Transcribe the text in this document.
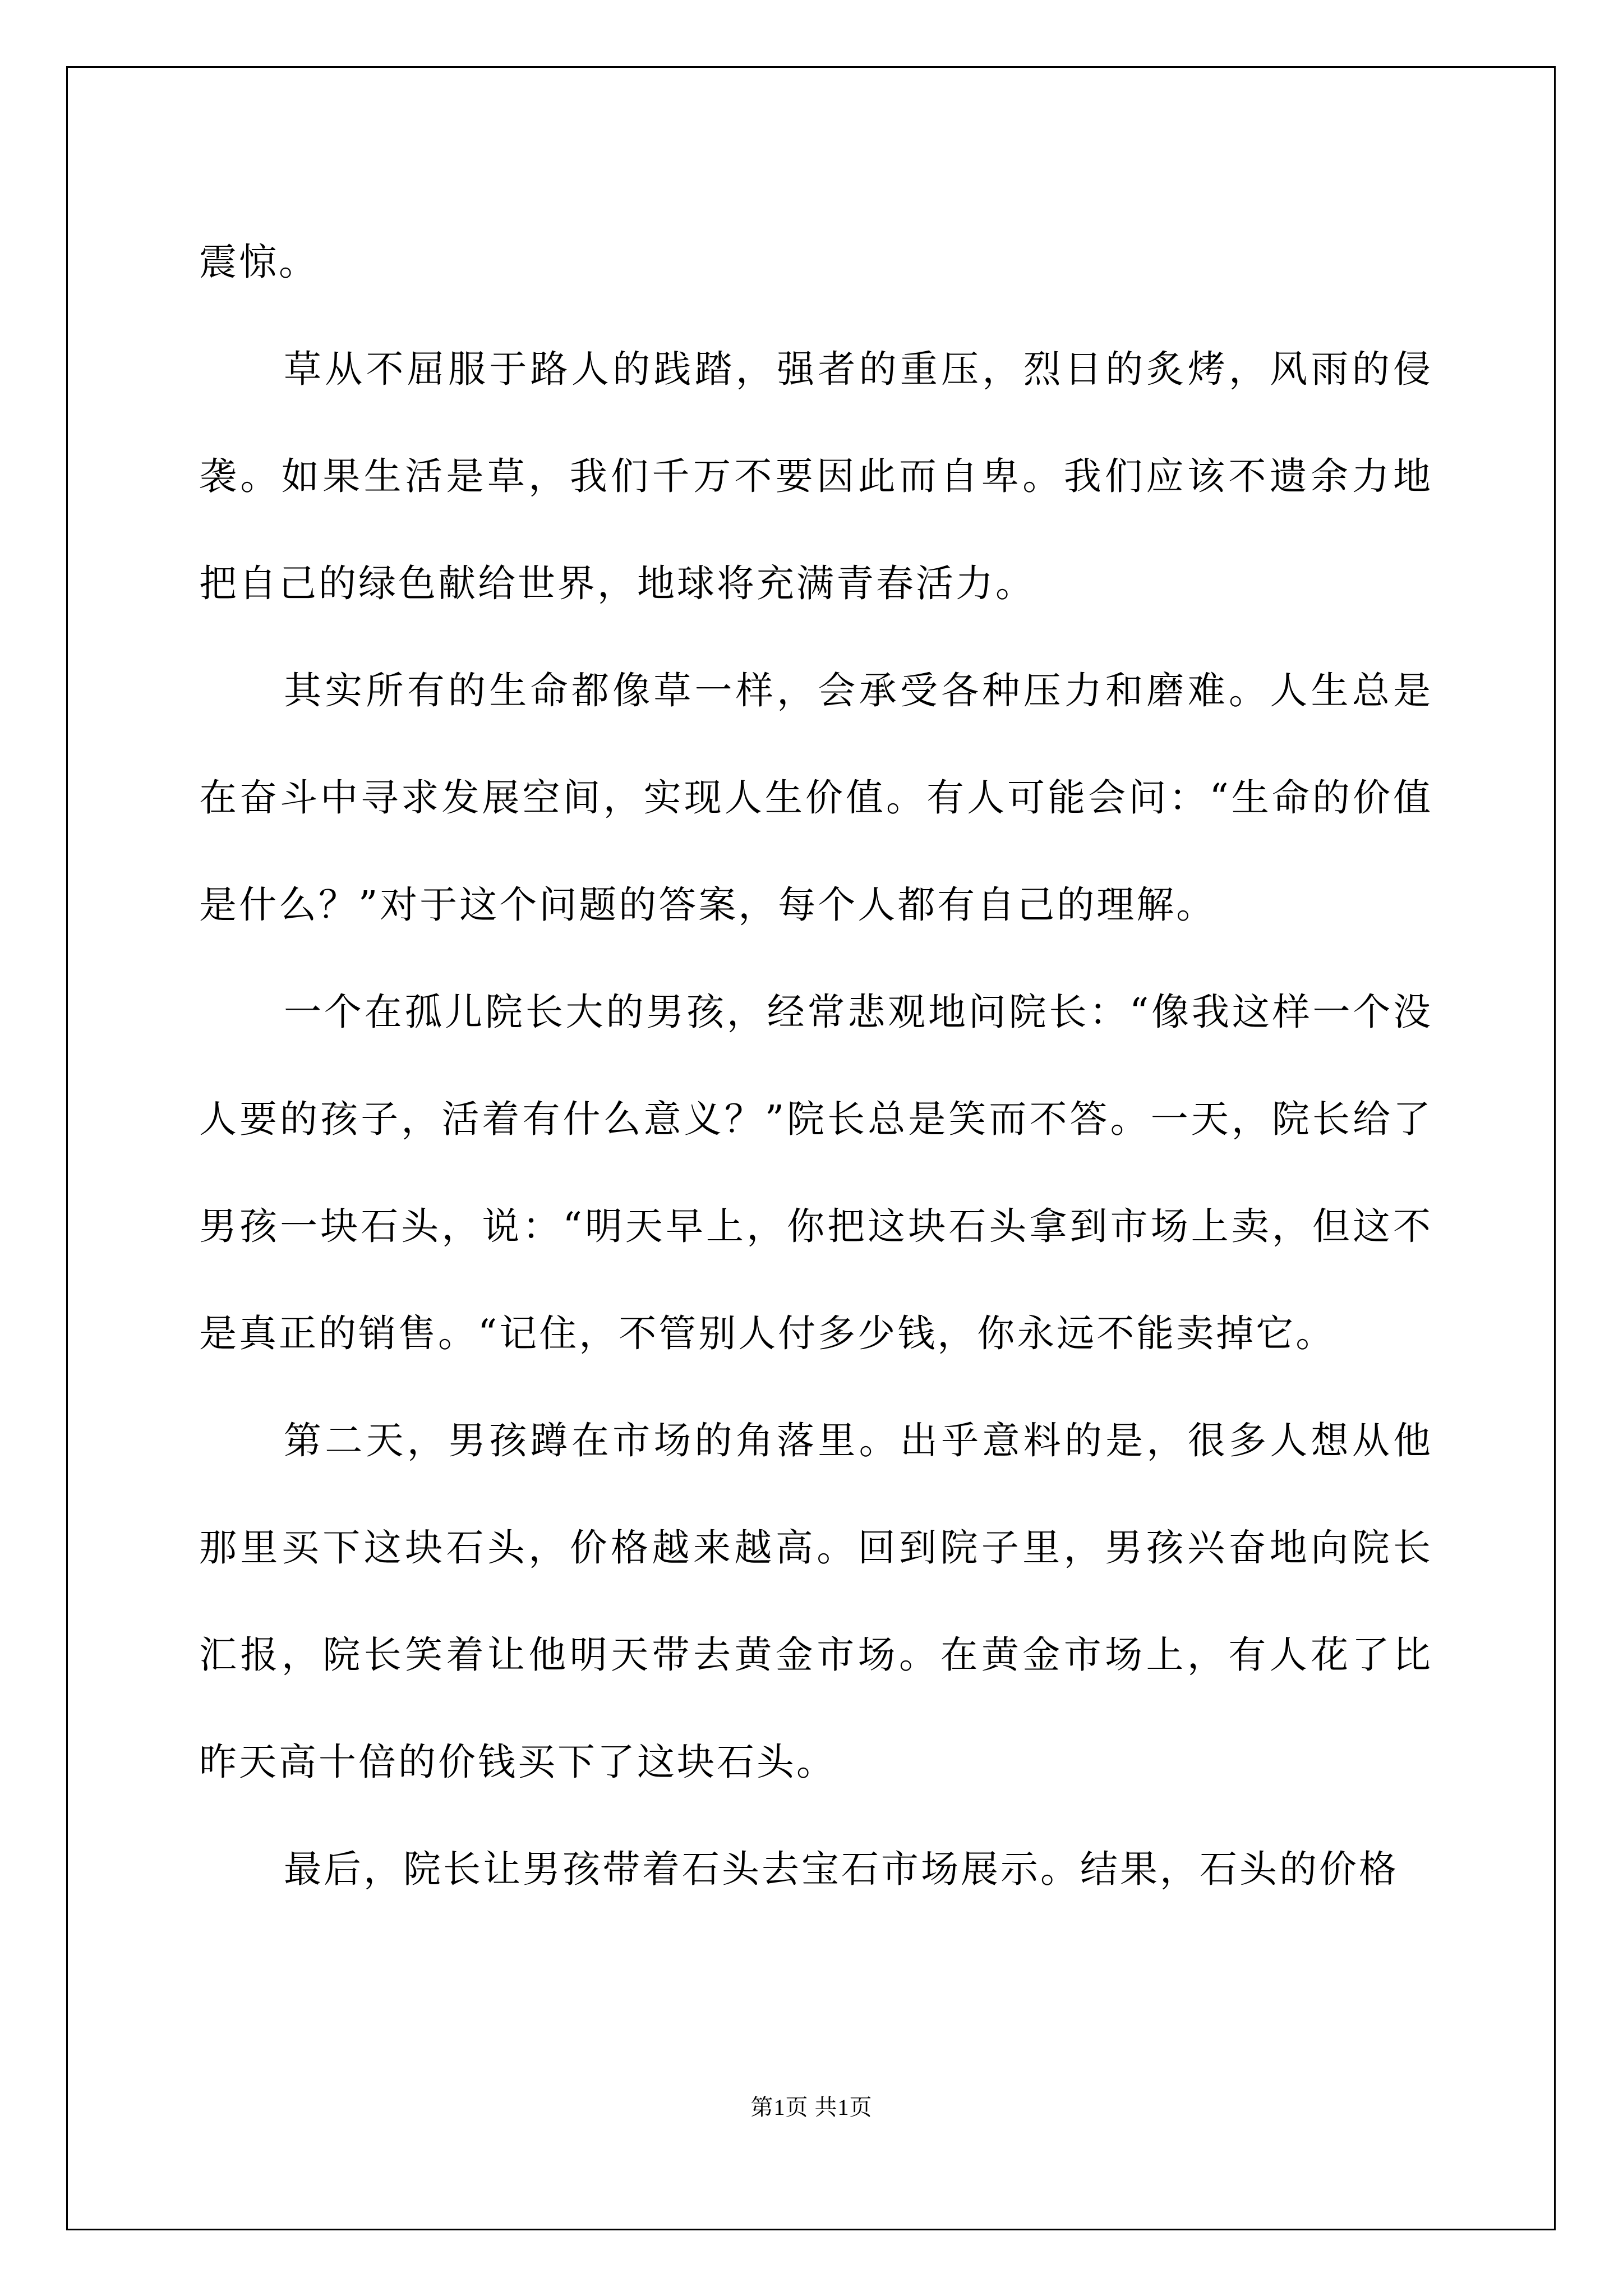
震惊。

草从不屈服于路人的践踏，强者的重压，烈日的炙烤，风雨的侵袭。如果生活是草，我们千万不要因此而自卑。我们应该不遗余力地把自己的绿色献给世界，地球将充满青春活力。

其实所有的生命都像草一样，会承受各种压力和磨难。人生总是在奋斗中寻求发展空间，实现人生价值。有人可能会问：“生命的价值是什么？”对于这个问题的答案，每个人都有自己的理解。

一个在孤儿院长大的男孩，经常悲观地问院长：“像我这样一个没人要的孩子，活着有什么意义？”院长总是笑而不答。一天，院长给了男孩一块石头，说：“明天早上，你把这块石头拿到市场上卖，但这不是真正的销售。“记住，不管别人付多少钱，你永远不能卖掉它。

第二天，男孩蹲在市场的角落里。出乎意料的是，很多人想从他那里买下这块石头，价格越来越高。回到院子里，男孩兴奋地向院长汇报，院长笑着让他明天带去黄金市场。在黄金市场上，有人花了比昨天高十倍的价钱买下了这块石头。

最后，院长让男孩带着石头去宝石市场展示。结果，石头的价格

第1页 共1页
